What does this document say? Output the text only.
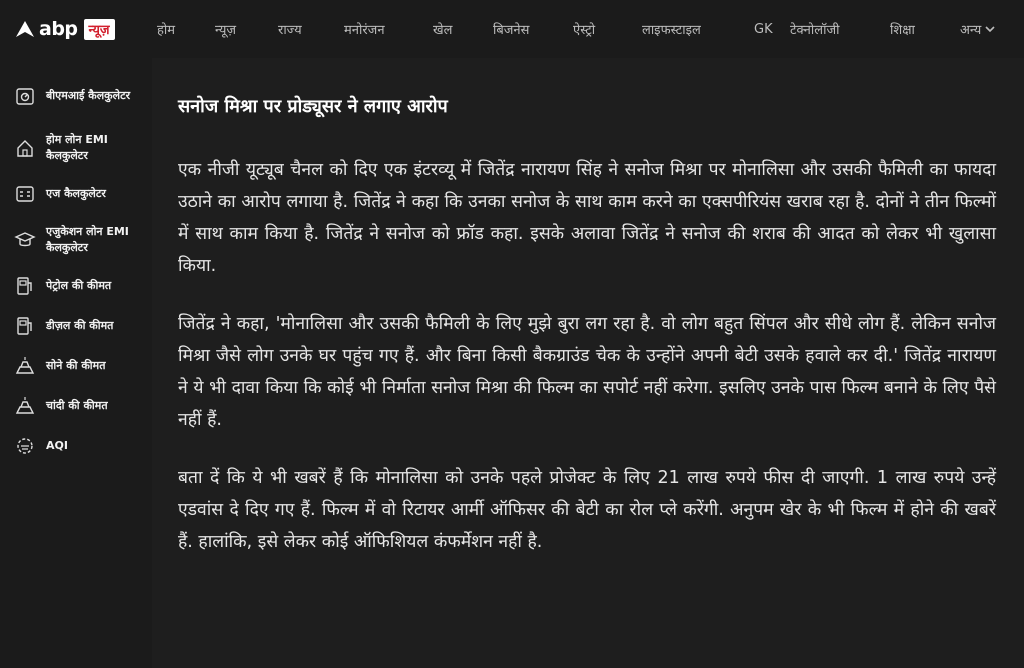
abp न्यूज़	होम	न्यूज़	राज्य	मनोरंजन	खेल	बिजनेस	ऐस्ट्रो	लाइफस्टाइल	GK	टेक्नोलॉजी	शिक्षा	अन्य
बीएमआई कैलकुलेटर
होम लोन EMI कैलकुलेटर
एज कैलकुलेटर
एजुकेशन लोन EMI कैलकुलेटर
पेट्रोल की कीमत
डीज़ल की कीमत
सोने की कीमत
चांदी की कीमत
AQI
सनोज मिश्रा पर प्रोड्यूसर ने लगाए आरोप

एक नीजी यूट्यूब चैनल को दिए एक इंटरव्यू में जितेंद्र नारायण सिंह ने सनोज मिश्रा पर मोनालिसा और उसकी फैमिली का फायदा उठाने का आरोप लगाया है. जितेंद्र ने कहा कि उनका सनोज के साथ काम करने का एक्सपीरियंस खराब रहा है. दोनों ने तीन फिल्मों में साथ काम किया है. जितेंद्र ने सनोज को फ्रॉड कहा. इसके अलावा जितेंद्र ने सनोज की शराब की आदत को लेकर भी खुलासा किया.

जितेंद्र ने कहा, 'मोनालिसा और उसकी फैमिली के लिए मुझे बुरा लग रहा है. वो लोग बहुत सिंपल और सीधे लोग हैं. लेकिन सनोज मिश्रा जैसे लोग उनके घर पहुंच गए हैं. और बिना किसी बैकग्राउंड चेक के उन्होंने अपनी बेटी उसके हवाले कर दी.' जितेंद्र नारायण ने ये भी दावा किया कि कोई भी निर्माता सनोज मिश्रा की फिल्म का सपोर्ट नहीं करेगा. इसलिए उनके पास फिल्म बनाने के लिए पैसे नहीं हैं.

बता दें कि ये भी खबरें हैं कि मोनालिसा को उनके पहले प्रोजेक्ट के लिए 21 लाख रुपये फीस दी जाएगी. 1 लाख रुपये उन्हें एडवांस दे दिए गए हैं. फिल्म में वो रिटायर आर्मी ऑफिसर की बेटी का रोल प्ले करेंगी. अनुपम खेर के भी फिल्म में होने की खबरें हैं. हालांकि, इसे लेकर कोई ऑफिशियल कंफर्मेशन नहीं है.
